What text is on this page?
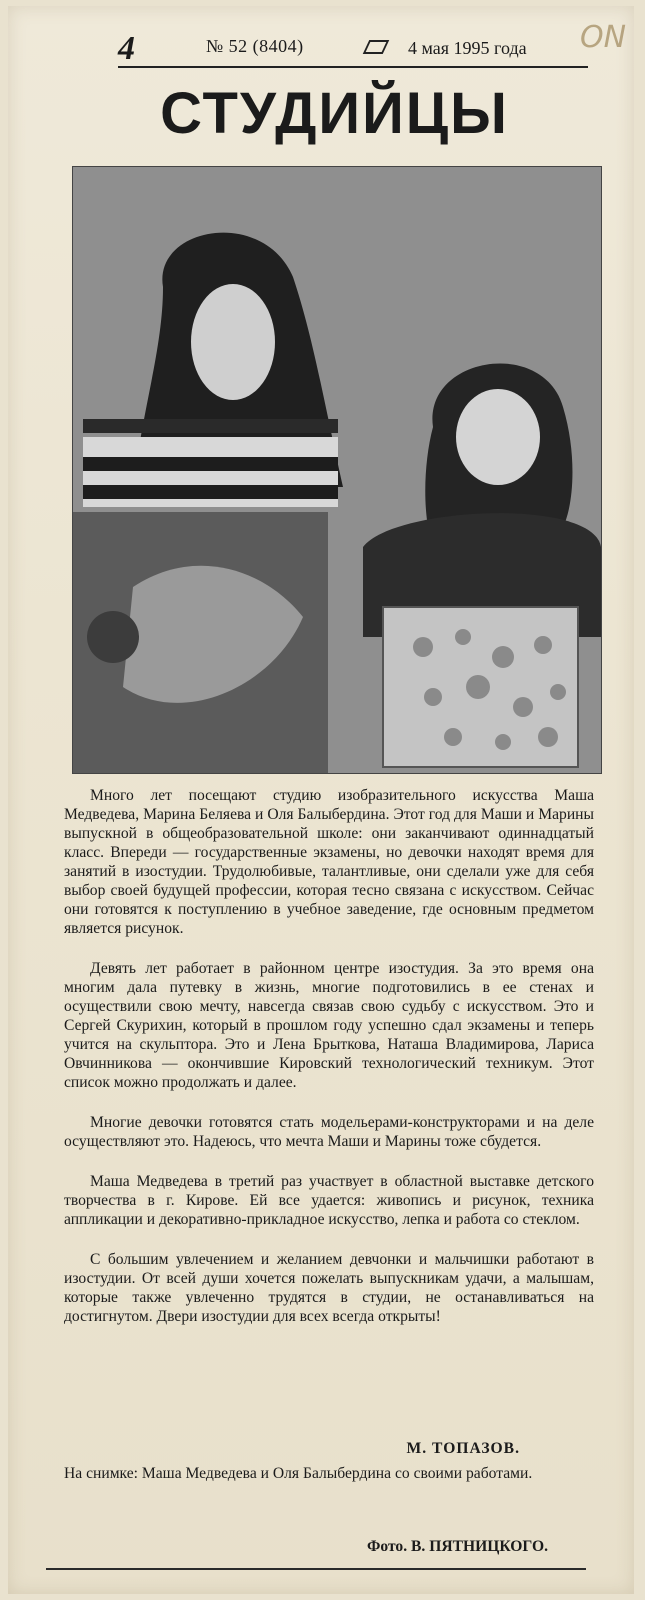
4	№ 52 (8404)	4 мая 1995 года ON
СТУДИЙЦЫ

Много лет посещают студию изобразительного искусства Маша Медведева, Марина Беляева и Оля Балыбердина. Этот год для Маши и Марины выпускной в общеобразовательной школе: они заканчивают одиннадцатый класс. Впереди — государственные экзамены, но девочки находят время для занятий в изостудии. Трудолюбивые, талантливые, они сделали уже для себя выбор своей будущей профессии, которая тесно связана с искусством. Сейчас они готовятся к поступлению в учебное заведение, где основным предметом является рисунок.

Девять лет работает в районном центре изостудия. За это время она многим дала путевку в жизнь, многие подготовились в ее стенах и осуществили свою мечту, навсегда связав свою судьбу с искусством. Это и Сергей Скурихин, который в прошлом году успешно сдал экзамены и теперь учится на скульптора. Это и Лена Брыткова, Наташа Владимирова, Лариса Овчинникова — окончившие Кировский технологический техникум. Этот список можно продолжать и далее.

Многие девочки готовятся стать модельерами-конструкторами и на деле осуществляют это. Надеюсь, что мечта Маши и Марины тоже сбудется.

Маша Медведева в третий раз участвует в областной выставке детского творчества в г. Кирове. Ей все удается: живопись и рисунок, техника аппликации и декоративно-прикладное искусство, лепка и работа со стеклом.

С большим увлечением и желанием девчонки и мальчишки работают в изостудии. От всей души хочется пожелать выпускникам удачи, а малышам, которые также увлеченно трудятся в студии, не останавливаться на достигнутом. Двери изостудии для всех всегда открыты!

М. ТОПАЗОВ.
На снимке: Маша Медведева и Оля Балыбердина со своими работами.
Фото. В. ПЯТНИЦКОГО.
